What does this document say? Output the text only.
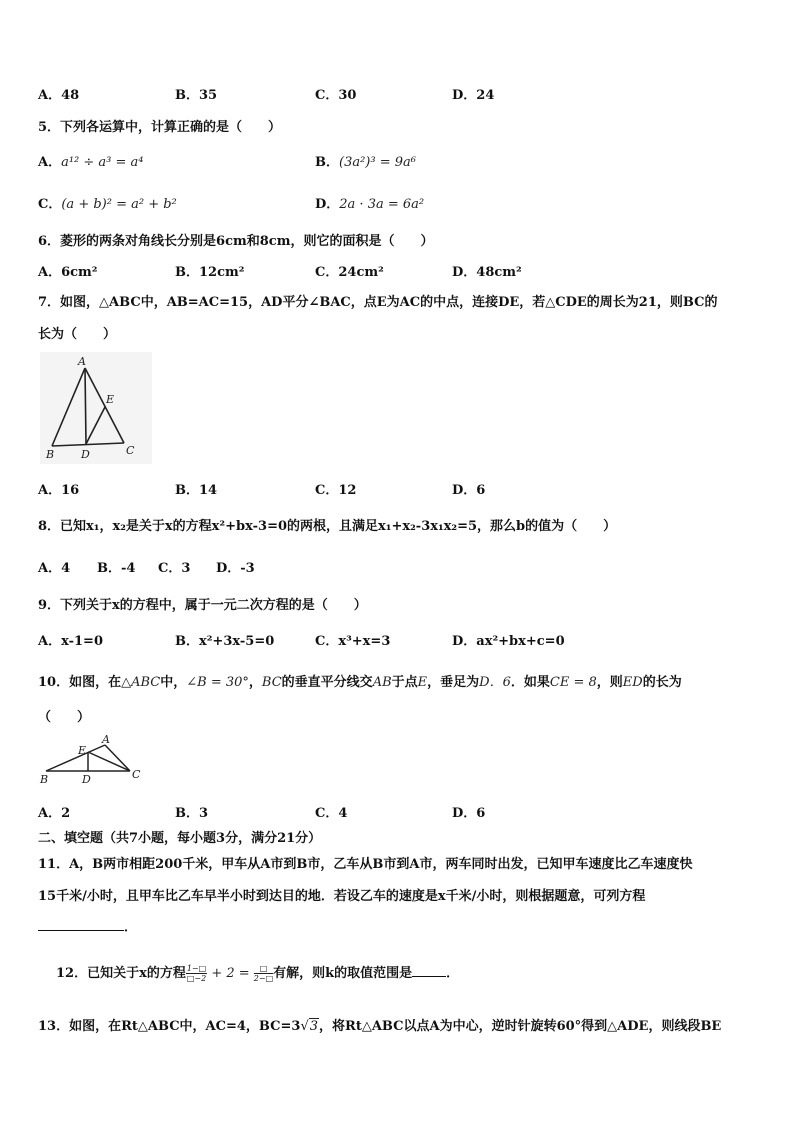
A．48	B．35	C．30	D．24
5．下列各运算中，计算正确的是（　　）
A．a¹² ÷ a³ = a⁴	B．(3a²)³ = 9a⁶
C．(a + b)² = a² + b²	D．2a · 3a = 6a²
6．菱形的两条对角线长分别是6cm和8cm，则它的面积是（　　）
A．6cm²	B．12cm²	C．24cm²	D．48cm²
7．如图，△ABC中，AB=AC=15，AD平分∠BAC，点E为AC的中点，连接DE，若△CDE的周长为21，则BC的
长为（　　）
A
B	C
D
E
A．16	B．14	C．12	D．6
8．已知x₁，x₂是关于x的方程x²+bx-3=0的两根，且满足x₁+x₂-3x₁x₂=5，那么b的值为（　　）
A．4 B．-4 C．3 D．-3
9．下列关于x的方程中，属于一元二次方程的是（　　）
A．x-1=0	B．x²+3x-5=0	C．x³+x=3	D．ax²+bx+c=0
10．如图，在△ABC中，∠B = 30°，BC的垂直平分线交AB于点E，垂足为D．6．如果CE = 8，则ED的长为
（　　）
A
B	C
D
E
A．2	B．3	C．4	D．6
二、填空题（共7小题，每小题3分，满分21分）
11．A，B两市相距200千米，甲车从A市到B市，乙车从B市到A市，两车同时出发，已知甲车速度比乙车速度快
15千米/小时，且甲车比乙车早半小时到达目的地．若设乙车的速度是x千米/小时，则根据题意，可列方程
．
12．已知关于x的方程 $\frac{1-□}{□-2} + 2 = \frac{□}{2-□}$ 有解，则k的取值范围是	．
13．如图，在Rt△ABC中，AC=4，BC=3√3，将Rt△ABC以点A为中心，逆时针旋转60°得到△ADE，则线段BE
